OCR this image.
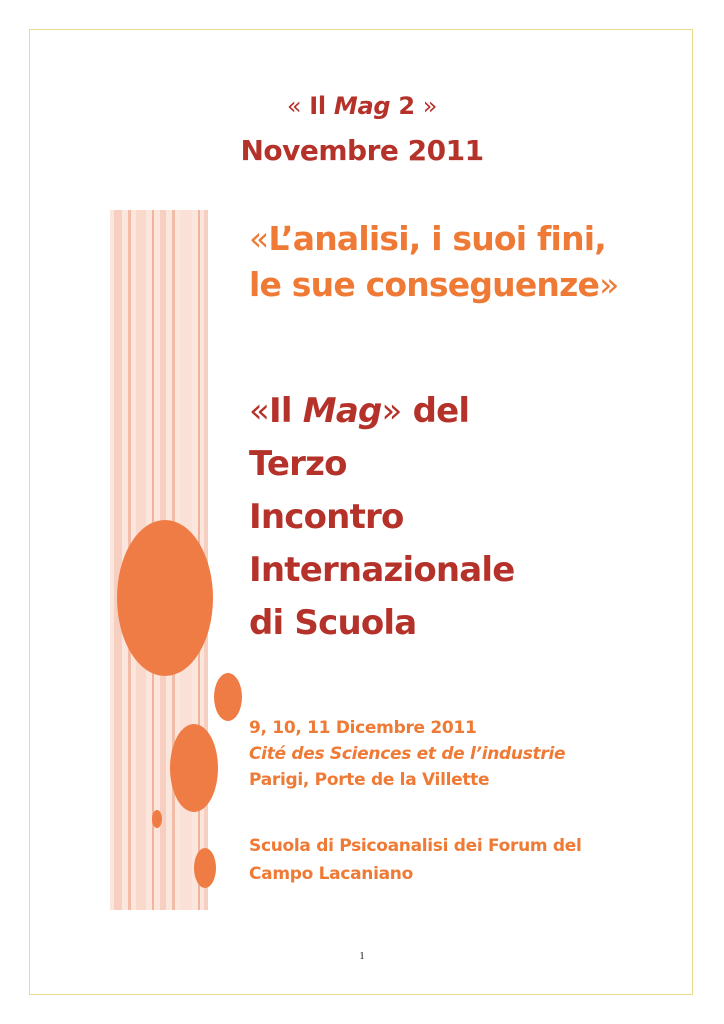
« Il Mag 2 »
Novembre 2011
«L’analisi, i suoi fini,
le sue conseguenze»
«Il Mag» del
Terzo
Incontro
Internazionale
di Scuola
9, 10, 11 Dicembre 2011
Cité des Sciences et de l’industrie
Parigi, Porte de la Villette
Scuola di Psicoanalisi dei Forum del
Campo Lacaniano
1
